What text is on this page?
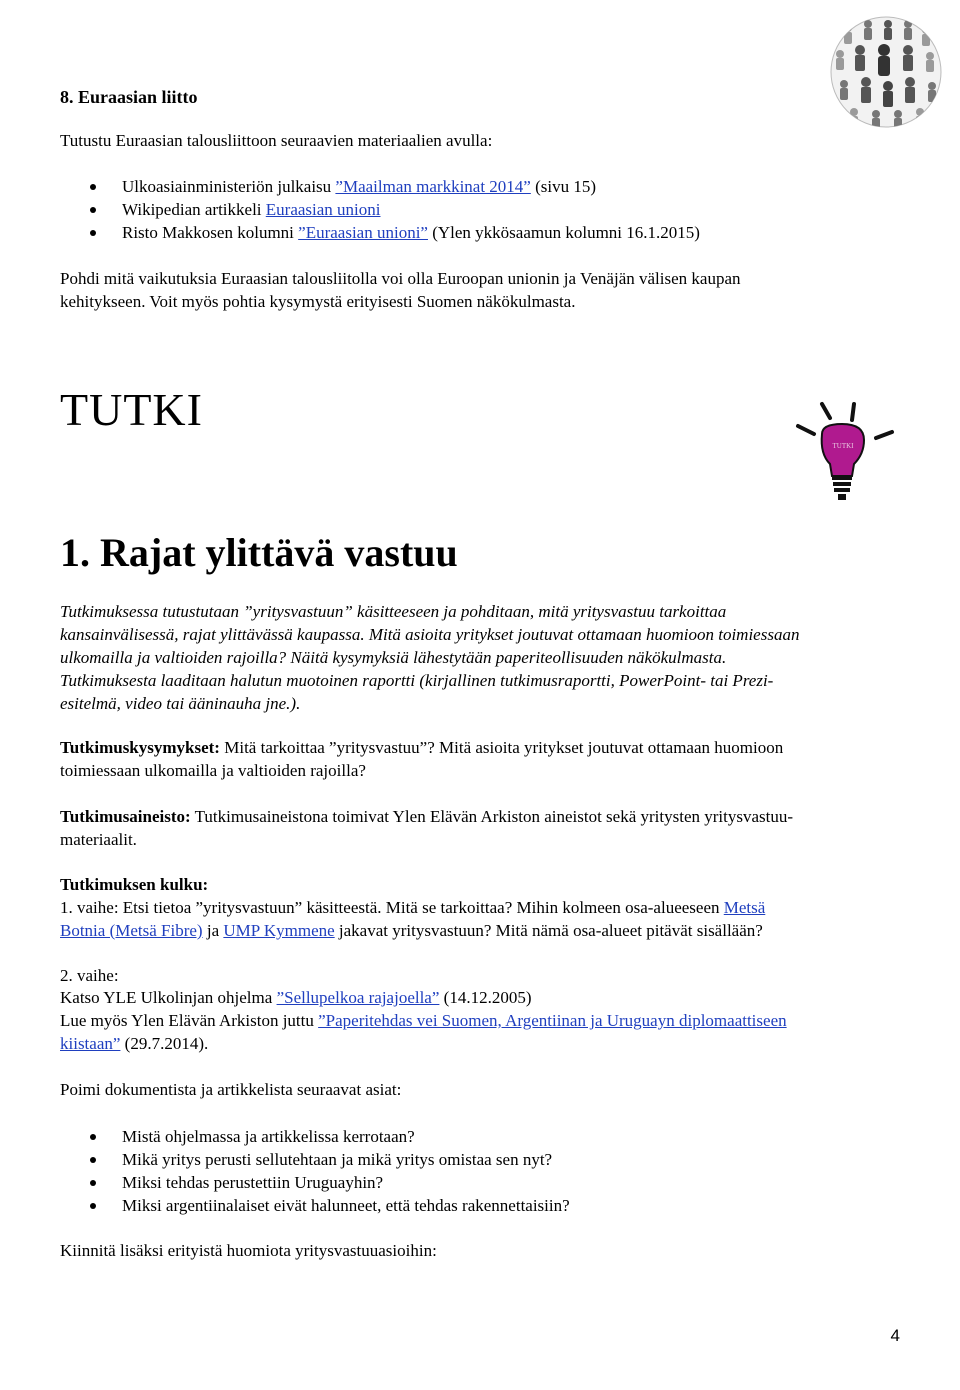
8. Euraasian liitto
Tutustu Euraasian talousliittoon seuraavien materiaalien avulla:
Ulkoasiainministeriön julkaisu ”Maailman markkinat 2014” (sivu 15)
Wikipedian artikkeli Euraasian unioni
Risto Makkosen kolumni ”Euraasian unioni” (Ylen ykkösaamun kolumni 16.1.2015)
Pohdi mitä vaikutuksia Euraasian talousliitolla voi olla Euroopan unionin ja Venäjän välisen kaupan
kehitykseen. Voit myös pohtia kysymystä erityisesti Suomen näkökulmasta.
TUTKI
TUTKI
1. Rajat ylittävä vastuu
Tutkimuksessa tutustutaan ”yritysvastuun” käsitteeseen ja pohditaan, mitä yritysvastuu tarkoittaa
kansainvälisessä, rajat ylittävässä kaupassa. Mitä asioita yritykset joutuvat ottamaan huomioon toimiessaan
ulkomailla ja valtioiden rajoilla? Näitä kysymyksiä lähestytään paperiteollisuuden näkökulmasta.
Tutkimuksesta laaditaan halutun muotoinen raportti (kirjallinen tutkimusraportti, PowerPoint- tai Prezi-
esitelmä, video tai ääninauha jne.).
Tutkimuskysymykset: Mitä tarkoittaa ”yritysvastuu”? Mitä asioita yritykset joutuvat ottamaan huomioon
toimiessaan ulkomailla ja valtioiden rajoilla?
Tutkimusaineisto: Tutkimusaineistona toimivat Ylen Elävän Arkiston aineistot sekä yritysten yritysvastuu-
materiaalit.
Tutkimuksen kulku:
1. vaihe: Etsi tietoa ”yritysvastuun” käsitteestä. Mitä se tarkoittaa? Mihin kolmeen osa-alueeseen Metsä
Botnia (Metsä Fibre) ja UMP Kymmene jakavat yritysvastuun? Mitä nämä osa-alueet pitävät sisällään?
2. vaihe:
Katso YLE Ulkolinjan ohjelma ”Sellupelkoa rajajoella” (14.12.2005)
Lue myös Ylen Elävän Arkiston juttu ”Paperitehdas vei Suomen, Argentiinan ja Uruguayn diplomaattiseen
kiistaan” (29.7.2014).
Poimi dokumentista ja artikkelista seuraavat asiat:
Mistä ohjelmassa ja artikkelissa kerrotaan?
Mikä yritys perusti sellutehtaan ja mikä yritys omistaa sen nyt?
Miksi tehdas perustettiin Uruguayhin?
Miksi argentiinalaiset eivät halunneet, että tehdas rakennettaisiin?
Kiinnitä lisäksi erityistä huomiota yritysvastuuasioihin:
4
